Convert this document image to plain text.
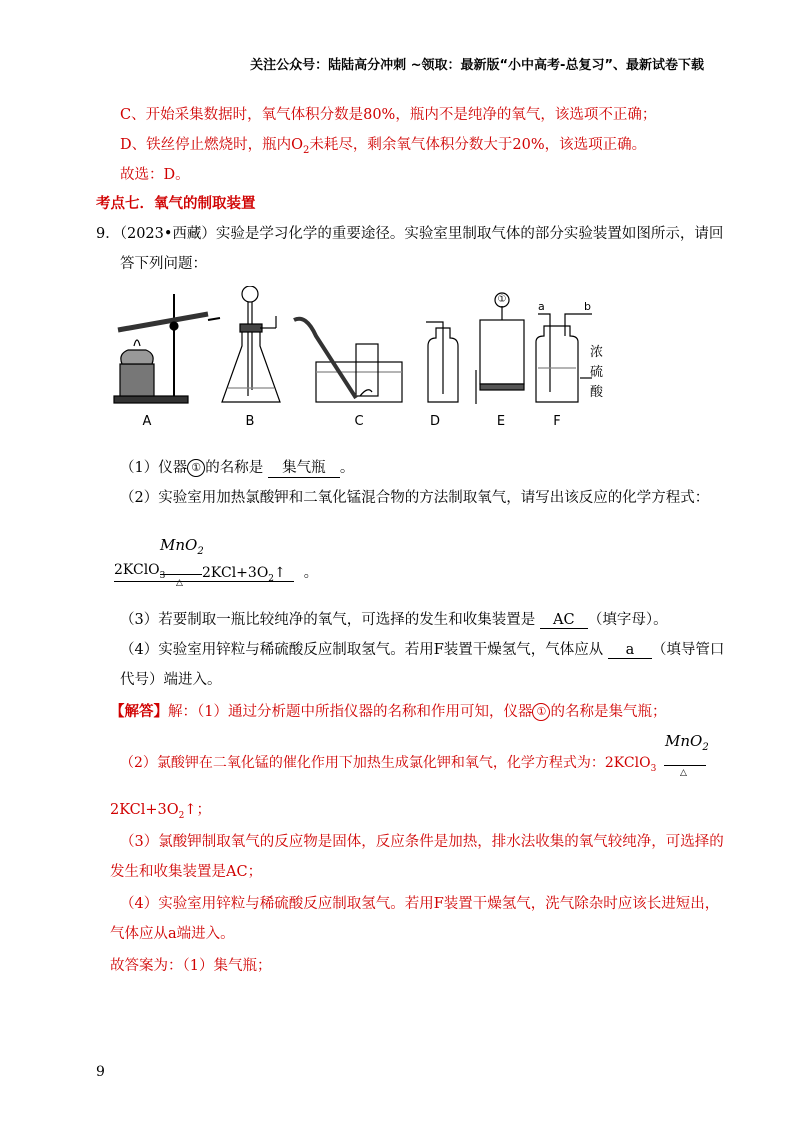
关注公众号：陆陆高分冲刺 ~领取：最新版“小中高考-总复习”、最新试卷下载
C、开始采集数据时，氧气体积分数是80%，瓶内不是纯净的氧气，该选项不正确；
D、铁丝停止燃烧时，瓶内$O_2$未耗尽，剩余氧气体积分数大于20%，该选项正确。
故选：D。
考点七．氧气的制取装置
9．（2023•西藏）实验是学习化学的重要途径。实验室里制取气体的部分实验装置如图所示，请回
答下列问题：
A	B	C	D
①
E
a	b
浓
硫
酸
F
（1）仪器 ① 的名称是 集气瓶 。
（2）实验室用加热氯酸钾和二氧化锰混合物的方法制取氧气，请写出该反应的化学方程式：
MnO$_2$
2KClO$_3$
△
$2KCl+3O_2↑$ 。
（3）若要制取一瓶比较纯净的氧气，可选择的发生和收集装置是 AC （填字母）。
（4）实验室用锌粒与稀硫酸反应制取氢气。若用F装置干燥氢气，气体应从 a （填导管口
代号）端进入。
【解答】解：（1）通过分析题中所指仪器的名称和作用可知，仪器 ① 的名称是集气瓶；
（2）氯酸钾在二氧化锰的催化作用下加热生成氯化钾和氧气，化学方程式为：2KClO$_3$
MnO$_2$
△
$2KCl+3O_2↑$；
（3）氯酸钾制取氧气的反应物是固体，反应条件是加热，排水法收集的氧气较纯净，可选择的
发生和收集装置是AC；
（4）实验室用锌粒与稀硫酸反应制取氢气。若用F装置干燥氢气，洗气除杂时应该长进短出，
气体应从a端进入。
故答案为：（1）集气瓶；
9
